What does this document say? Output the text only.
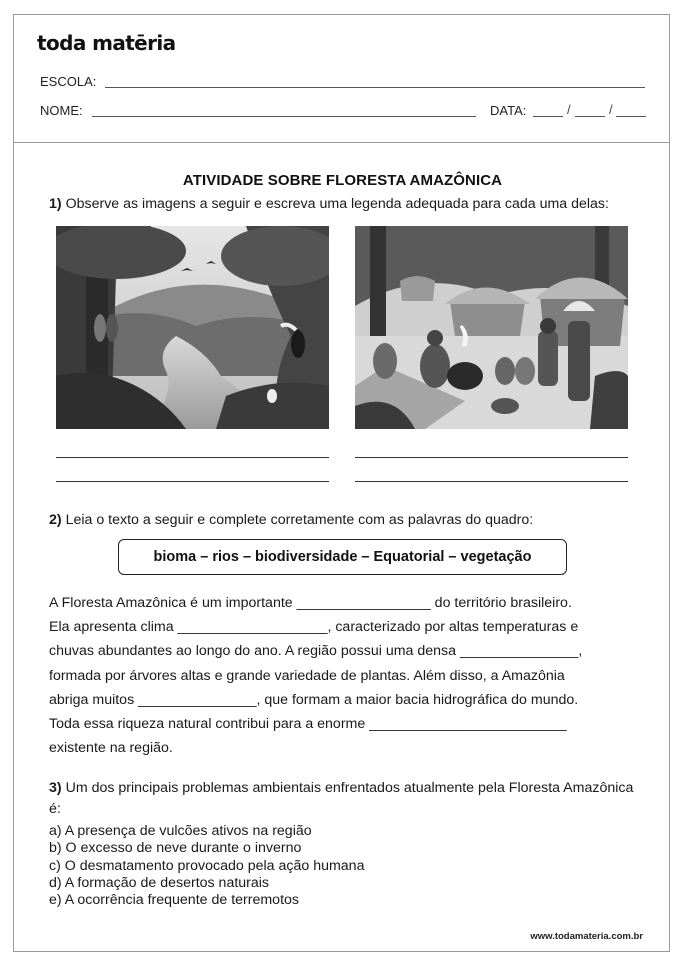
toda matēria
ESCOLA:
NOME:	DATA:	/	/
ATIVIDADE SOBRE FLORESTA AMAZÔNICA
1) Observe as imagens a seguir e escreva uma legenda adequada para cada uma delas:
2) Leia o texto a seguir e complete corretamente com as palavras do quadro:
bioma – rios – biodiversidade – Equatorial – vegetação
A Floresta Amazônica é um importante _________________ do território brasileiro.
Ela apresenta clima ___________________, caracterizado por altas temperaturas e
chuvas abundantes ao longo do ano. A região possui uma densa _______________,
formada por árvores altas e grande variedade de plantas. Além disso, a Amazônia
abriga muitos _______________, que formam a maior bacia hidrográfica do mundo.
Toda essa riqueza natural contribui para a enorme _________________________
existente na região.
3) Um dos principais problemas ambientais enfrentados atualmente pela Floresta Amazônica é:
a) A presença de vulcões ativos na região
b) O excesso de neve durante o inverno
c) O desmatamento provocado pela ação humana
d) A formação de desertos naturais
e) A ocorrência frequente de terremotos
www.todamateria.com.br
